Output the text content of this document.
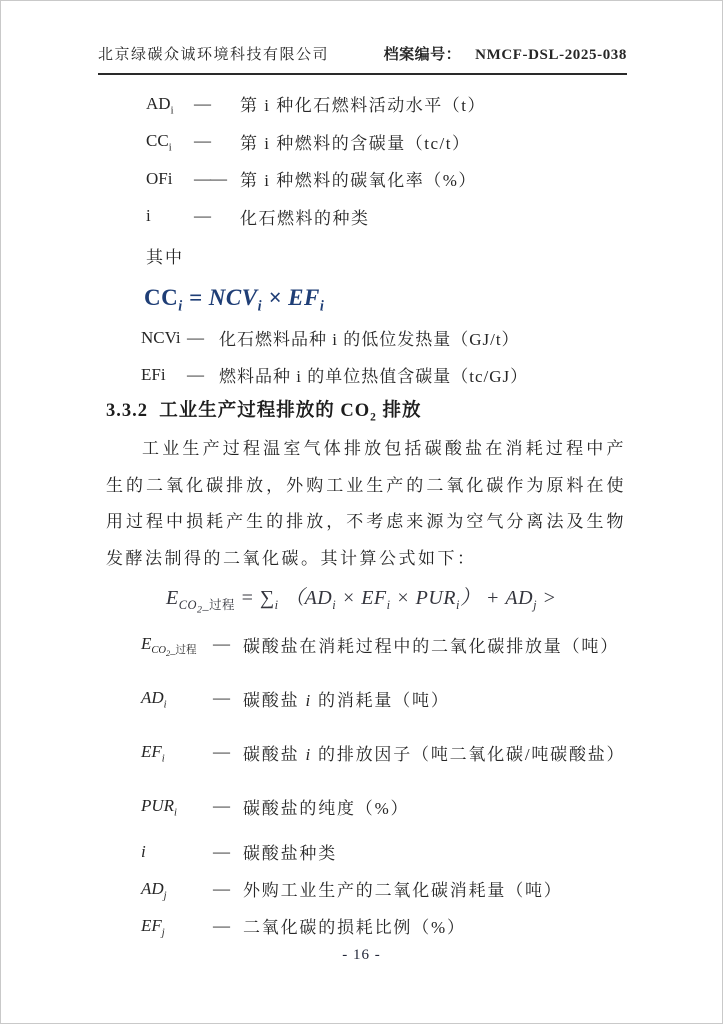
北京绿碳众诚环境科技有限公司	档案编号： NMCF-DSL-2025-038
$AD_i$	—	第 i 种化石燃料活动水平（t）
$CC_i$	—	第 i 种燃料的含碳量（tc/t）
OFi	—— 第 i 种燃料的碳氧化率（%）
i	—	化石燃料的种类
其中
$CC_i = NCV_i \times EF_i$
NCVi — 化石燃料品种 i 的低位发热量（GJ/t）
EFi	— 燃料品种 i 的单位热值含碳量（tc/GJ）
3.3.2  工业生产过程排放的 $CO_2$ 排放

工业生产过程温室气体排放包括碳酸盐在消耗过程中产生的二氧化碳排放，外购工业生产的二氧化碳作为原料在使用过程中损耗产生的排放，不考虑来源为空气分离法及生物发酵法制得的二氧化碳。其计算公式如下：

$E_{CO_2\_过程} = \sum_i$ $(AD_i \times EF_i \times PUR_i) + AD_j$ >
$E_{CO_2\_过程}$ — 碳酸盐在消耗过程中的二氧化碳排放量（吨）
$AD_i$	— 碳酸盐 i 的消耗量（吨）
$EF_i$	— 碳酸盐 i 的排放因子（吨二氧化碳/吨碳酸盐）
$PUR_i$	— 碳酸盐的纯度（%）
i	— 碳酸盐种类
$AD_j$	— 外购工业生产的二氧化碳消耗量（吨）
$EF_j$	— 二氧化碳的损耗比例（%）
- 16 -
